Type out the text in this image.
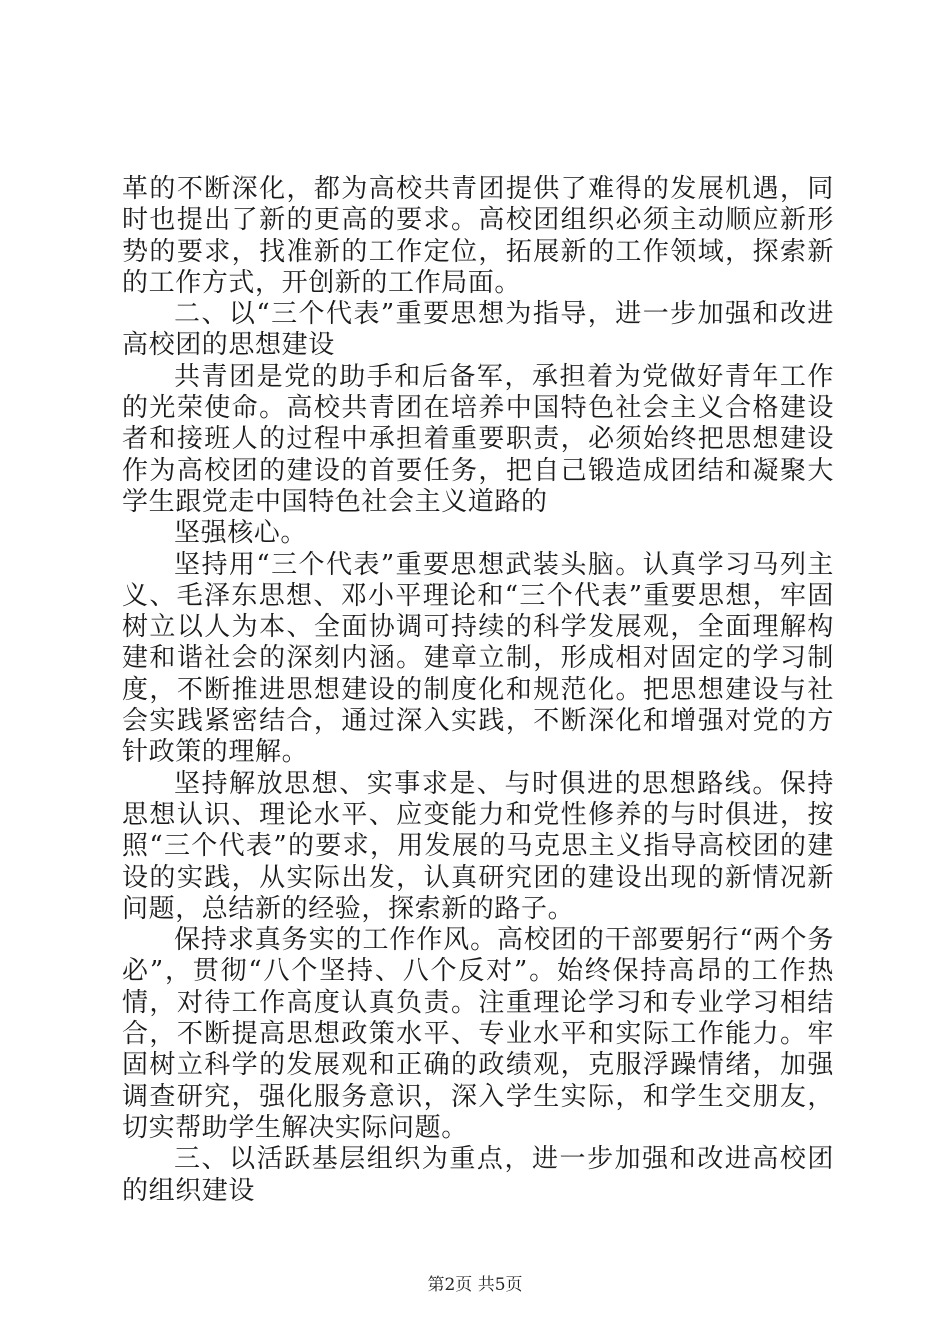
革的不断深化，都为高校共青团提供了难得的发展机遇，同时也提出了新的更高的要求。高校团组织必须主动顺应新形势的要求，找准新的工作定位，拓展新的工作领域，探索新的工作方式，开创新的工作局面。

二、以“三个代表”重要思想为指导，进一步加强和改进高校团的思想建设

共青团是党的助手和后备军，承担着为党做好青年工作的光荣使命。高校共青团在培养中国特色社会主义合格建设者和接班人的过程中承担着重要职责，必须始终把思想建设作为高校团的建设的首要任务，把自己锻造成团结和凝聚大学生跟党走中国特色社会主义道路的

坚强核心。

坚持用“三个代表”重要思想武装头脑。认真学习马列主义、毛泽东思想、邓小平理论和“三个代表”重要思想，牢固树立以人为本、全面协调可持续的科学发展观，全面理解构建和谐社会的深刻内涵。建章立制，形成相对固定的学习制度，不断推进思想建设的制度化和规范化。把思想建设与社会实践紧密结合，通过深入实践，不断深化和增强对党的方针政策的理解。

坚持解放思想、实事求是、与时俱进的思想路线。保持思想认识、理论水平、应变能力和党性修养的与时俱进，按照“三个代表”的要求，用发展的马克思主义指导高校团的建设的实践，从实际出发，认真研究团的建设出现的新情况新问题，总结新的经验，探索新的路子。

保持求真务实的工作作风。高校团的干部要躬行“两个务必”，贯彻“八个坚持、八个反对”。始终保持高昂的工作热情，对待工作高度认真负责。注重理论学习和专业学习相结合，不断提高思想政策水平、专业水平和实际工作能力。牢固树立科学的发展观和正确的政绩观，克服浮躁情绪，加强调查研究，强化服务意识，深入学生实际，和学生交朋友，切实帮助学生解决实际问题。

三、以活跃基层组织为重点，进一步加强和改进高校团的组织建设

第2页 共5页
